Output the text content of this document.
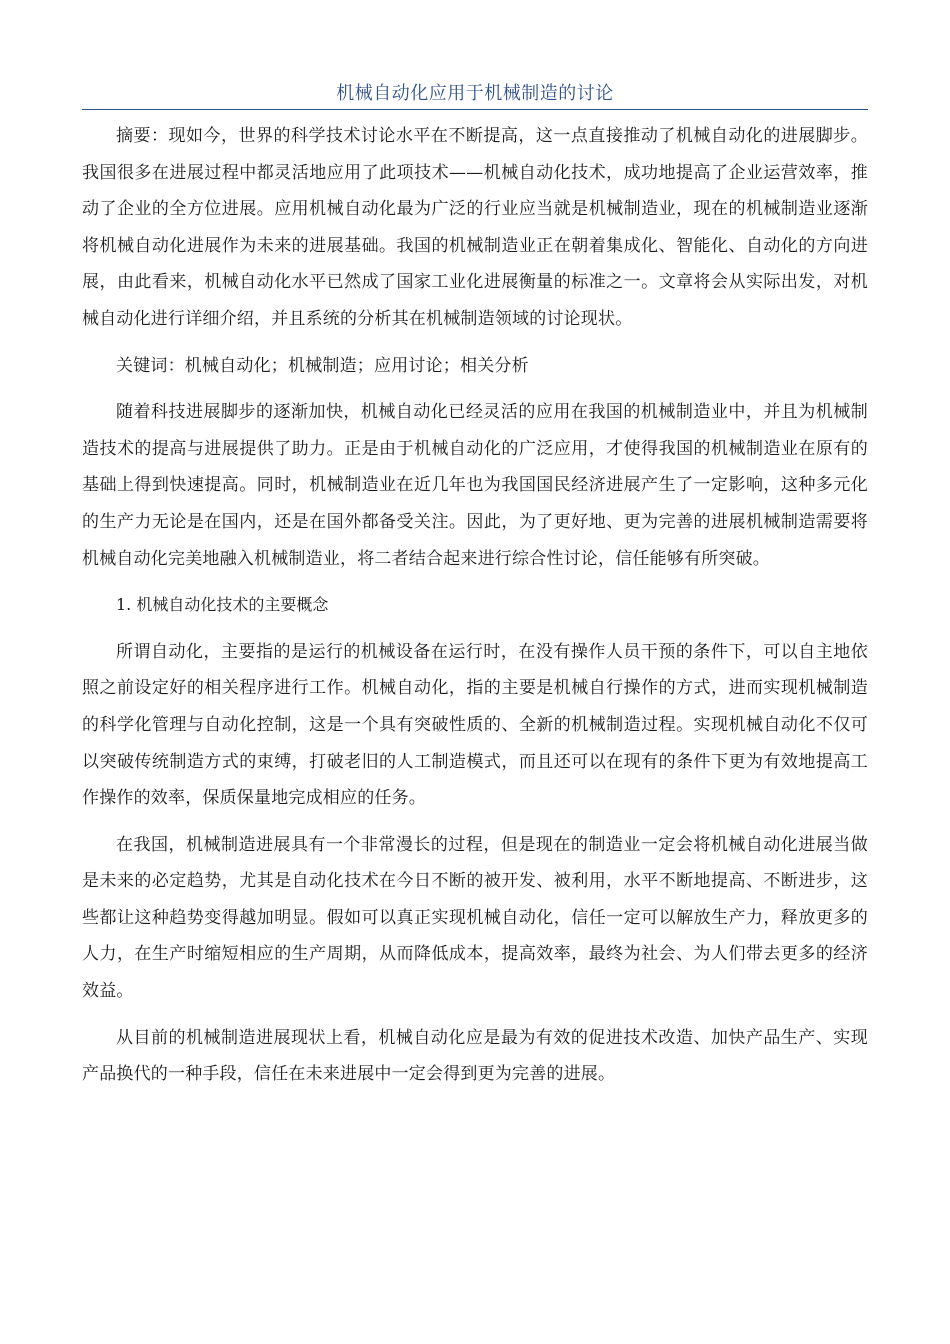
机械自动化应用于机械制造的讨论

摘要：现如今，世界的科学技术讨论水平在不断提高，这一点直接推动了机械自动化的进展脚步。我国很多在进展过程中都灵活地应用了此项技术——机械自动化技术，成功地提高了企业运营效率，推动了企业的全方位进展。应用机械自动化最为广泛的行业应当就是机械制造业，现在的机械制造业逐渐将机械自动化进展作为未来的进展基础。我国的机械制造业正在朝着集成化、智能化、自动化的方向进展，由此看来，机械自动化水平已然成了国家工业化进展衡量的标准之一。文章将会从实际出发，对机械自动化进行详细介绍，并且系统的分析其在机械制造领域的讨论现状。

关键词：机械自动化；机械制造；应用讨论；相关分析

随着科技进展脚步的逐渐加快，机械自动化已经灵活的应用在我国的机械制造业中，并且为机械制造技术的提高与进展提供了助力。正是由于机械自动化的广泛应用，才使得我国的机械制造业在原有的基础上得到快速提高。同时，机械制造业在近几年也为我国国民经济进展产生了一定影响，这种多元化的生产力无论是在国内，还是在国外都备受关注。因此，为了更好地、更为完善的进展机械制造需要将机械自动化完美地融入机械制造业，将二者结合起来进行综合性讨论，信任能够有所突破。

1. 机械自动化技术的主要概念

所谓自动化，主要指的是运行的机械设备在运行时，在没有操作人员干预的条件下，可以自主地依照之前设定好的相关程序进行工作。机械自动化，指的主要是机械自行操作的方式，进而实现机械制造的科学化管理与自动化控制，这是一个具有突破性质的、全新的机械制造过程。实现机械自动化不仅可以突破传统制造方式的束缚，打破老旧的人工制造模式，而且还可以在现有的条件下更为有效地提高工作操作的效率，保质保量地完成相应的任务。

在我国，机械制造进展具有一个非常漫长的过程，但是现在的制造业一定会将机械自动化进展当做是未来的必定趋势，尤其是自动化技术在今日不断的被开发、被利用，水平不断地提高、不断进步，这些都让这种趋势变得越加明显。假如可以真正实现机械自动化，信任一定可以解放生产力，释放更多的人力，在生产时缩短相应的生产周期，从而降低成本，提高效率，最终为社会、为人们带去更多的经济效益。

从目前的机械制造进展现状上看，机械自动化应是最为有效的促进技术改造、加快产品生产、实现产品换代的一种手段，信任在未来进展中一定会得到更为完善的进展。
